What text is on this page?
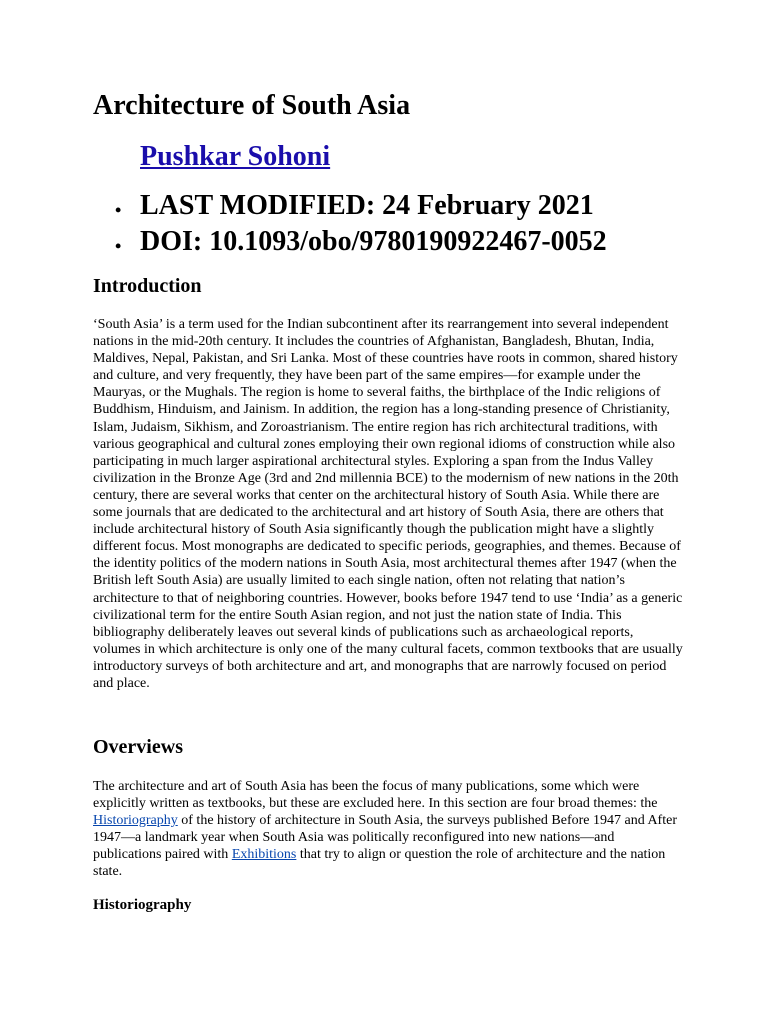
Architecture of South Asia
Pushkar Sohoni
• LAST MODIFIED: 24 February 2021
• DOI: 10.1093/obo/9780190922467-0052
Introduction

‘South Asia’ is a term used for the Indian subcontinent after its rearrangement into several independent nations in the mid-20th century. It includes the countries of Afghanistan, Bangladesh, Bhutan, India, Maldives, Nepal, Pakistan, and Sri Lanka. Most of these countries have roots in common, shared history and culture, and very frequently, they have been part of the same empires—for example under the Mauryas, or the Mughals. The region is home to several faiths, the birthplace of the Indic religions of Buddhism, Hinduism, and Jainism. In addition, the region has a long-standing presence of Christianity, Islam, Judaism, Sikhism, and Zoroastrianism. The entire region has rich architectural traditions, with various geographical and cultural zones employing their own regional idioms of construction while also participating in much larger aspirational architectural styles. Exploring a span from the Indus Valley civilization in the Bronze Age (3rd and 2nd millennia BCE) to the modernism of new nations in the 20th century, there are several works that center on the architectural history of South Asia. While there are some journals that are dedicated to the architectural and art history of South Asia, there are others that include architectural history of South Asia significantly though the publication might have a slightly different focus. Most monographs are dedicated to specific periods, geographies, and themes. Because of the identity politics of the modern nations in South Asia, most architectural themes after 1947 (when the British left South Asia) are usually limited to each single nation, often not relating that nation’s architecture to that of neighboring countries. However, books before 1947 tend to use ‘India’ as a generic civilizational term for the entire South Asian region, and not just the nation state of India. This bibliography deliberately leaves out several kinds of publications such as archaeological reports, volumes in which architecture is only one of the many cultural facets, common textbooks that are usually introductory surveys of both architecture and art, and monographs that are narrowly focused on period and place.

Overviews

The architecture and art of South Asia has been the focus of many publications, some which were explicitly written as textbooks, but these are excluded here. In this section are four broad themes: the Historiography of the history of architecture in South Asia, the surveys published Before 1947 and After 1947—a landmark year when South Asia was politically reconfigured into new nations—and publications paired with Exhibitions that try to align or question the role of architecture and the nation state.

Historiography
